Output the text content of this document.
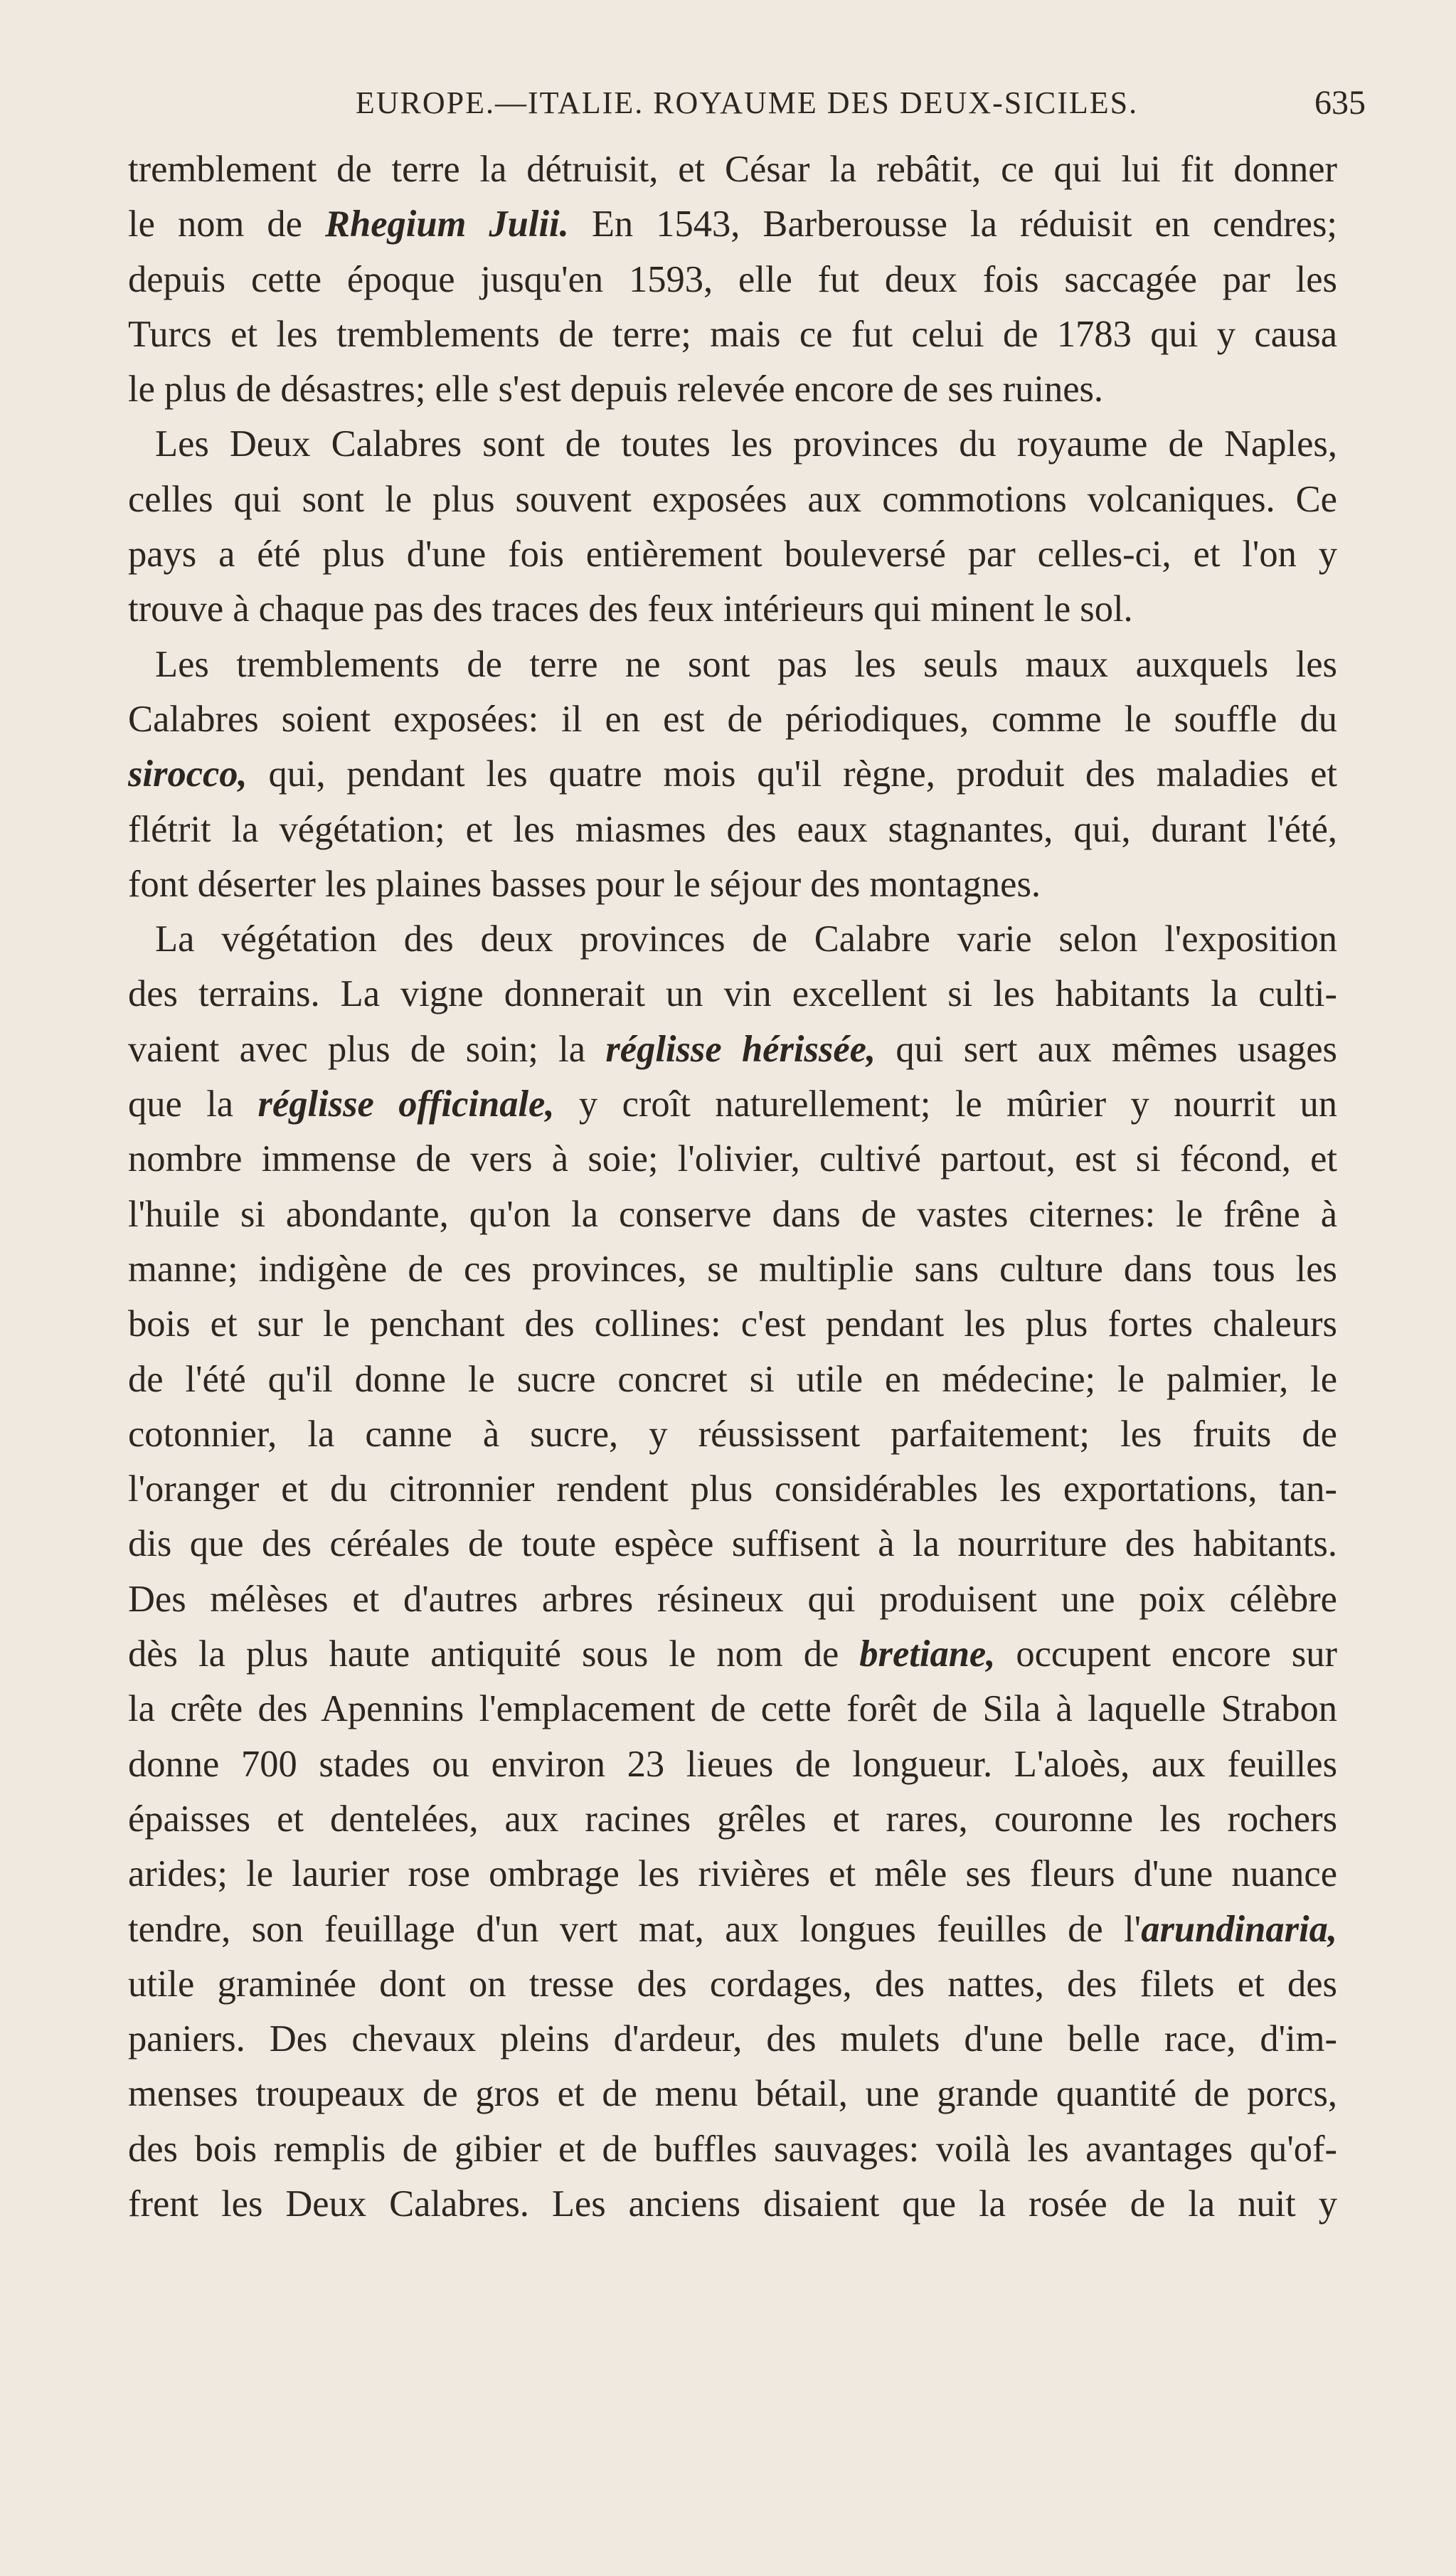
EUROPE.—ITALIE. ROYAUME DES DEUX-SICILES.	635
tremblement de terre la détruisit, et César la rebâtit, ce qui lui fit donner
le nom de Rhegium Julii. En 1543, Barberousse la réduisit en cendres;
depuis cette époque jusqu'en 1593, elle fut deux fois saccagée par les
Turcs et les tremblements de terre; mais ce fut celui de 1783 qui y causa
le plus de désastres; elle s'est depuis relevée encore de ses ruines.
Les Deux Calabres sont de toutes les provinces du royaume de Naples,
celles qui sont le plus souvent exposées aux commotions volcaniques. Ce
pays a été plus d'une fois entièrement bouleversé par celles-ci, et l'on y
trouve à chaque pas des traces des feux intérieurs qui minent le sol.
Les tremblements de terre ne sont pas les seuls maux auxquels les
Calabres soient exposées: il en est de périodiques, comme le souffle du
sirocco, qui, pendant les quatre mois qu'il règne, produit des maladies et
flétrit la végétation; et les miasmes des eaux stagnantes, qui, durant l'été,
font déserter les plaines basses pour le séjour des montagnes.
La végétation des deux provinces de Calabre varie selon l'exposition
des terrains. La vigne donnerait un vin excellent si les habitants la culti-
vaient avec plus de soin; la réglisse hérissée, qui sert aux mêmes usages
que la réglisse officinale, y croît naturellement; le mûrier y nourrit un
nombre immense de vers à soie; l'olivier, cultivé partout, est si fécond, et
l'huile si abondante, qu'on la conserve dans de vastes citernes: le frêne à
manne; indigène de ces provinces, se multiplie sans culture dans tous les
bois et sur le penchant des collines: c'est pendant les plus fortes chaleurs
de l'été qu'il donne le sucre concret si utile en médecine; le palmier, le
cotonnier, la canne à sucre, y réussissent parfaitement; les fruits de
l'oranger et du citronnier rendent plus considérables les exportations, tan-
dis que des céréales de toute espèce suffisent à la nourriture des habitants.
Des mélèses et d'autres arbres résineux qui produisent une poix célèbre
dès la plus haute antiquité sous le nom de bretiane, occupent encore sur
la crête des Apennins l'emplacement de cette forêt de Sila à laquelle Strabon
donne 700 stades ou environ 23 lieues de longueur. L'aloès, aux feuilles
épaisses et dentelées, aux racines grêles et rares, couronne les rochers
arides; le laurier rose ombrage les rivières et mêle ses fleurs d'une nuance
tendre, son feuillage d'un vert mat, aux longues feuilles de l'arundinaria,
utile graminée dont on tresse des cordages, des nattes, des filets et des
paniers. Des chevaux pleins d'ardeur, des mulets d'une belle race, d'im-
menses troupeaux de gros et de menu bétail, une grande quantité de porcs,
des bois remplis de gibier et de buffles sauvages: voilà les avantages qu'of-
frent les Deux Calabres. Les anciens disaient que la rosée de la nuit y
